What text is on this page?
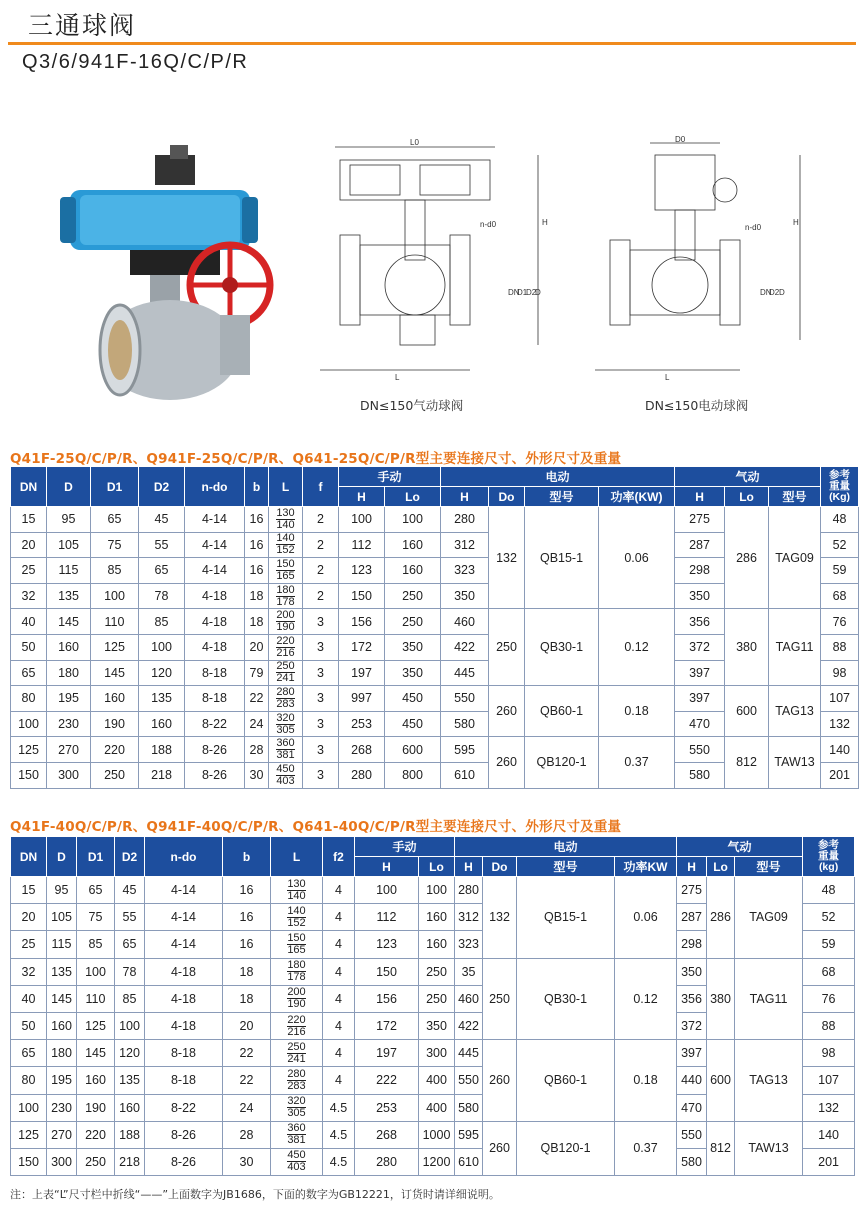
三通球阀
Q3/6/941F-16Q/C/P/R
L0
L
n-d0
DN
D1
D2
D
H
D0
L
n-d0
DN
D2 D
H
DN≤150气动球阀	DN≤150电动球阀
Q41F-25Q/C/P/R、Q941F-25Q/C/P/R、Q641-25Q/C/P/R型主要连接尺寸、外形尺寸及重量
DN	D	D1	D2	n-do	b	L	f	手动		电动				气动			参考
重量
(Kg)
								H	Lo	H	Do	型号	功率(KW)	H	Lo	型号	
15	95	65	45	4-14	16	$\frac{130}{140}$	2	100	100	280	132	QB15-1	0.06	275	286	TAG09	48
20	105	75	55	4-14	16	$\frac{140}{152}$	2	112	160	312				287			52
25	115	85	65	4-14	16	$\frac{150}{165}$	2	123	160	323				298			59
32	135	100	78	4-18	18	$\frac{180}{178}$	2	150	250	350				350			68
40	145	110	85	4-18	18	$\frac{200}{190}$	3	156	250	460	250	QB30-1	0.12	356	380	TAG11	76
50	160	125	100	4-18	20	$\frac{220}{216}$	3	172	350	422				372			88
65	180	145	120	8-18	79	$\frac{250}{241}$	3	197	350	445				397			98
80	195	160	135	8-18	22	$\frac{280}{283}$	3	997	450	550	260	QB60-1	0.18	397	600	TAG13	107
100	230	190	160	8-22	24	$\frac{320}{305}$	3	253	450	580				470			132
125	270	220	188	8-26	28	$\frac{360}{381}$	3	268	600	595	260	QB120-1	0.37	550	812	TAW13	140
150	300	250	218	8-26	30	$\frac{450}{403}$	3	280	800	610				580			201
Q41F-40Q/C/P/R、Q941F-40Q/C/P/R、Q641-40Q/C/P/R型主要连接尺寸、外形尺寸及重量
DN	D	D1	D2	n-do	b	L	f2	手动		电动				气动			参考
重量
(kg)
								H	Lo	H	Do	型号	功率KW	H	Lo	型号	
15	95	65	45	4-14	16	$\frac{130}{140}$	4	100	100	280	132	QB15-1	0.06	275	286	TAG09	48
20	105	75	55	4-14	16	$\frac{140}{152}$	4	112	160	312				287			52
25	115	85	65	4-14	16	$\frac{150}{165}$	4	123	160	323				298			59
32	135	100	78	4-18	18	$\frac{180}{178}$	4	150	250	35	250	QB30-1	0.12	350	380	TAG11	68
40	145	110	85	4-18	18	$\frac{200}{190}$	4	156	250	460				356			76
50	160	125	100	4-18	20	$\frac{220}{216}$	4	172	350	422				372			88
65	180	145	120	8-18	22	$\frac{250}{241}$	4	197	300	445	260	QB60-1	0.18	397	600	TAG13	98
80	195	160	135	8-18	22	$\frac{280}{283}$	4	222	400	550				440			107
100	230	190	160	8-22	24	$\frac{320}{305}$	4.5	253	400	580				470			132
125	270	220	188	8-26	28	$\frac{360}{381}$	4.5	268	1000	595	260	QB120-1	0.37	550	812	TAW13	140
150	300	250	218	8-26	30	$\frac{450}{403}$	4.5	280	1200	610				580			201
注：上表“L”尺寸栏中折线“——”上面数字为JB1686，下面的数字为GB12221，订货时请详细说明。
